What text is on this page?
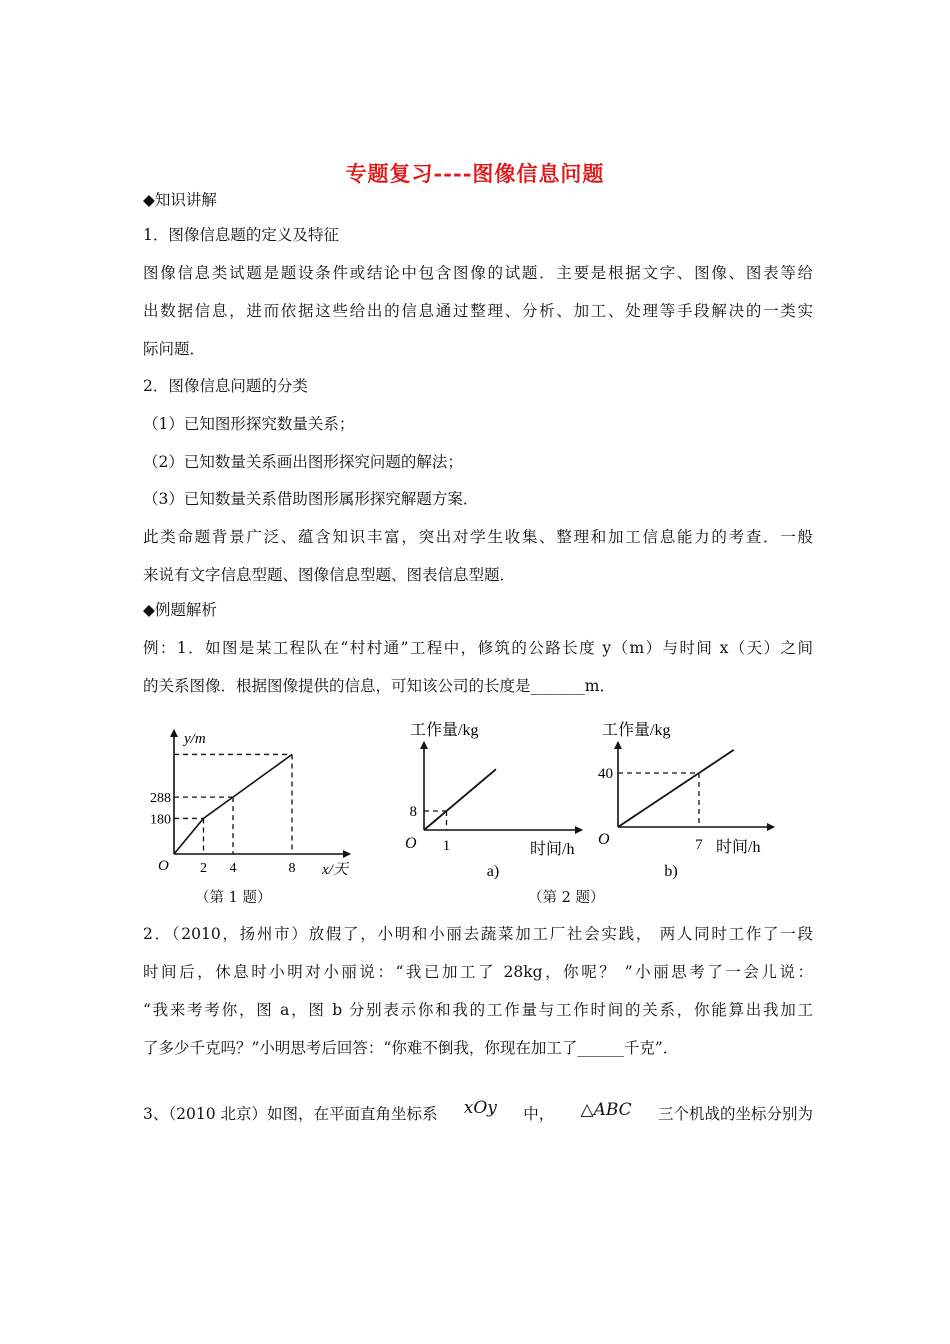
专题复习----图像信息问题
◆知识讲解
1．图像信息题的定义及特征
图像信息类试题是题设条件或结论中包含图像的试题．主要是根据文字、图像、图表等给
出数据信息，进而依据这些给出的信息通过整理、分析、加工、处理等手段解决的一类实
际问题．
2．图像信息问题的分类
（1）已知图形探究数量关系；
（2）已知数量关系画出图形探究问题的解法；
（3）已知数量关系借助图形属形探究解题方案．
此类命题背景广泛、蕴含知识丰富，突出对学生收集、整理和加工信息能力的考查．一般
来说有文字信息型题、图像信息型题、图表信息型题．
◆例题解析
例：1．如图是某工程队在“村村通”工程中，修筑的公路长度 y（m）与时间 x（天）之间
的关系图像．根据图像提供的信息，可知该公司的长度是_______m．
y/m
x/天
O
288
180
2 4	8
（第 1 题）
工作量/kg
时间/h
O
8
1
a)
工作量/kg
时间/h
O
40
7
b)
（第 2 题）
2．（2010，扬州市）放假了，小明和小丽去蔬菜加工厂社会实践， 两人同时工作了一段
时间后，休息时小明对小丽说：“我已加工了 28kg，你呢？ ”小丽思考了一会儿说：
“我来考考你，图 a，图 b 分别表示你和我的工作量与工作时间的关系，你能算出我加工
了多少千克吗？”小明思考后回答：“你难不倒我，你现在加工了______千克”．
3、（2010 北京）如图，在平面直角坐标系 xOy 中， △ABC 三个机战的坐标分别为
